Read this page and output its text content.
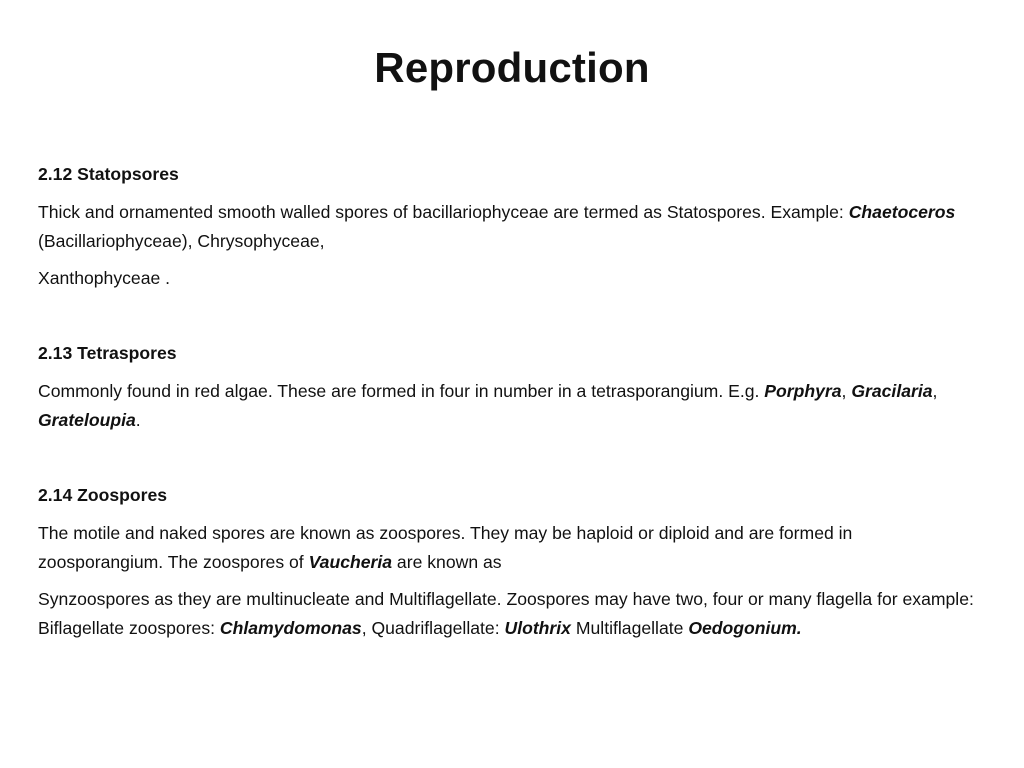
Reproduction
2.12 Statopsores
Thick and ornamented smooth walled spores of bacillariophyceae are termed as Statospores. Example: Chaetoceros (Bacillariophyceae), Chrysophyceae,
Xanthophyceae .
2.13 Tetraspores
Commonly found in red algae. These are formed in four in number in a tetrasporangium. E.g. Porphyra, Gracilaria, Grateloupia.
2.14 Zoospores
The motile and naked spores are known as zoospores. They may be haploid or diploid and are formed in zoosporangium. The zoospores of Vaucheria are known as
Synzoospores as they are multinucleate and Multiflagellate. Zoospores may have two, four or many flagella for example: Biflagellate zoospores: Chlamydomonas, Quadriflagellate: Ulothrix Multiflagellate Oedogonium.
